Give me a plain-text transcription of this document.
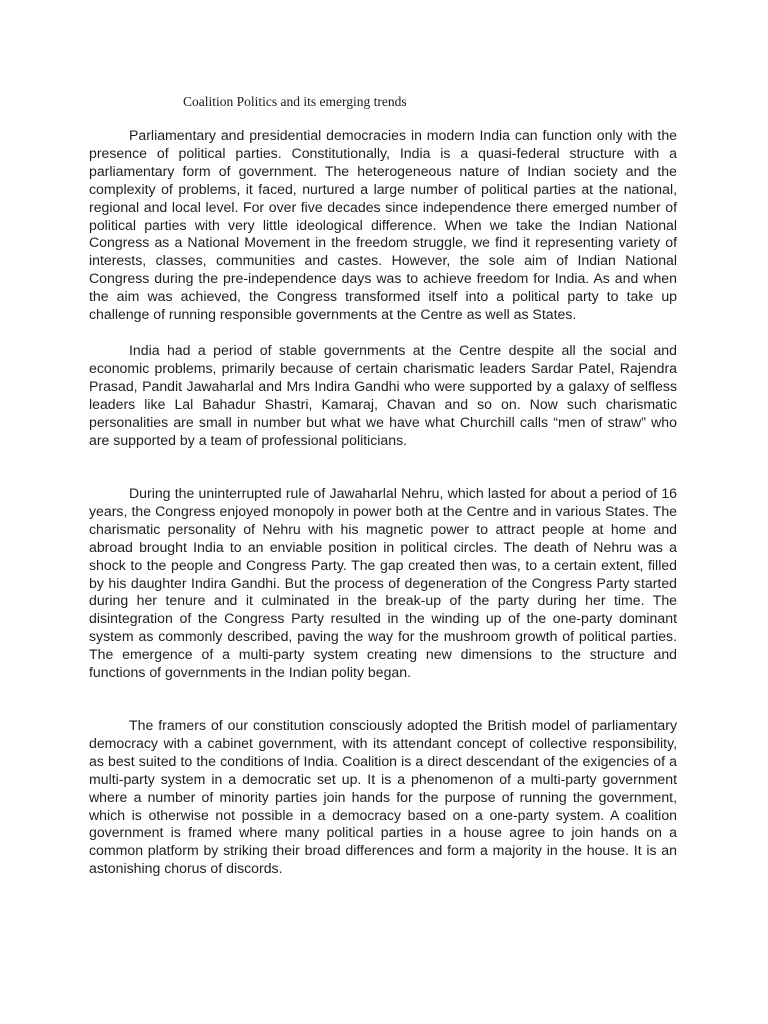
Coalition Politics and its emerging trends

Parliamentary and presidential democracies in modern India can function only with the presence of political parties. Constitutionally, India is a quasi-federal structure with a parliamentary form of government. The heterogeneous nature of Indian society and the complexity of problems, it faced, nurtured a large number of political parties at the national, regional and local level. For over five decades since independence there emerged number of political parties with very little ideological difference. When we take the Indian National Congress as a National Movement in the freedom struggle, we find it representing variety of interests, classes, communities and castes. However, the sole aim of Indian National Congress during the pre-independence days was to achieve freedom for India. As and when the aim was achieved, the Congress transformed itself into a political party to take up challenge of running responsible governments at the Centre as well as States.

India had a period of stable governments at the Centre despite all the social and economic problems, primarily because of certain charismatic leaders Sardar Patel, Rajendra Prasad, Pandit Jawaharlal and Mrs Indira Gandhi who were supported by a galaxy of selfless leaders like Lal Bahadur Shastri, Kamaraj, Chavan and so on. Now such charismatic personalities are small in number but what we have what Churchill calls “men of straw” who are supported by a team of professional politicians.

During the uninterrupted rule of Jawaharlal Nehru, which lasted for about a period of 16 years, the Congress enjoyed monopoly in power both at the Centre and in various States. The charismatic personality of Nehru with his magnetic power to attract people at home and abroad brought India to an enviable position in political circles. The death of Nehru was a shock to the people and Congress Party. The gap created then was, to a certain extent, filled by his daughter Indira Gandhi. But the process of degeneration of the Congress Party started during her tenure and it culminated in the break-up of the party during her time. The disintegration of the Congress Party resulted in the winding up of the one-party dominant system as commonly described, paving the way for the mushroom growth of political parties. The emergence of a multi-party system creating new dimensions to the structure and functions of governments in the Indian polity began.

The framers of our constitution consciously adopted the British model of parliamentary democracy with a cabinet government, with its attendant concept of collective responsibility, as best suited to the conditions of India. Coalition is a direct descendant of the exigencies of a multi-party system in a democratic set up. It is a phenomenon of a multi-party government where a number of minority parties join hands for the purpose of running the government, which is otherwise not possible in a democracy based on a one-party system. A coalition government is framed where many political parties in a house agree to join hands on a common platform by striking their broad differences and form a majority in the house. It is an astonishing chorus of discords.
